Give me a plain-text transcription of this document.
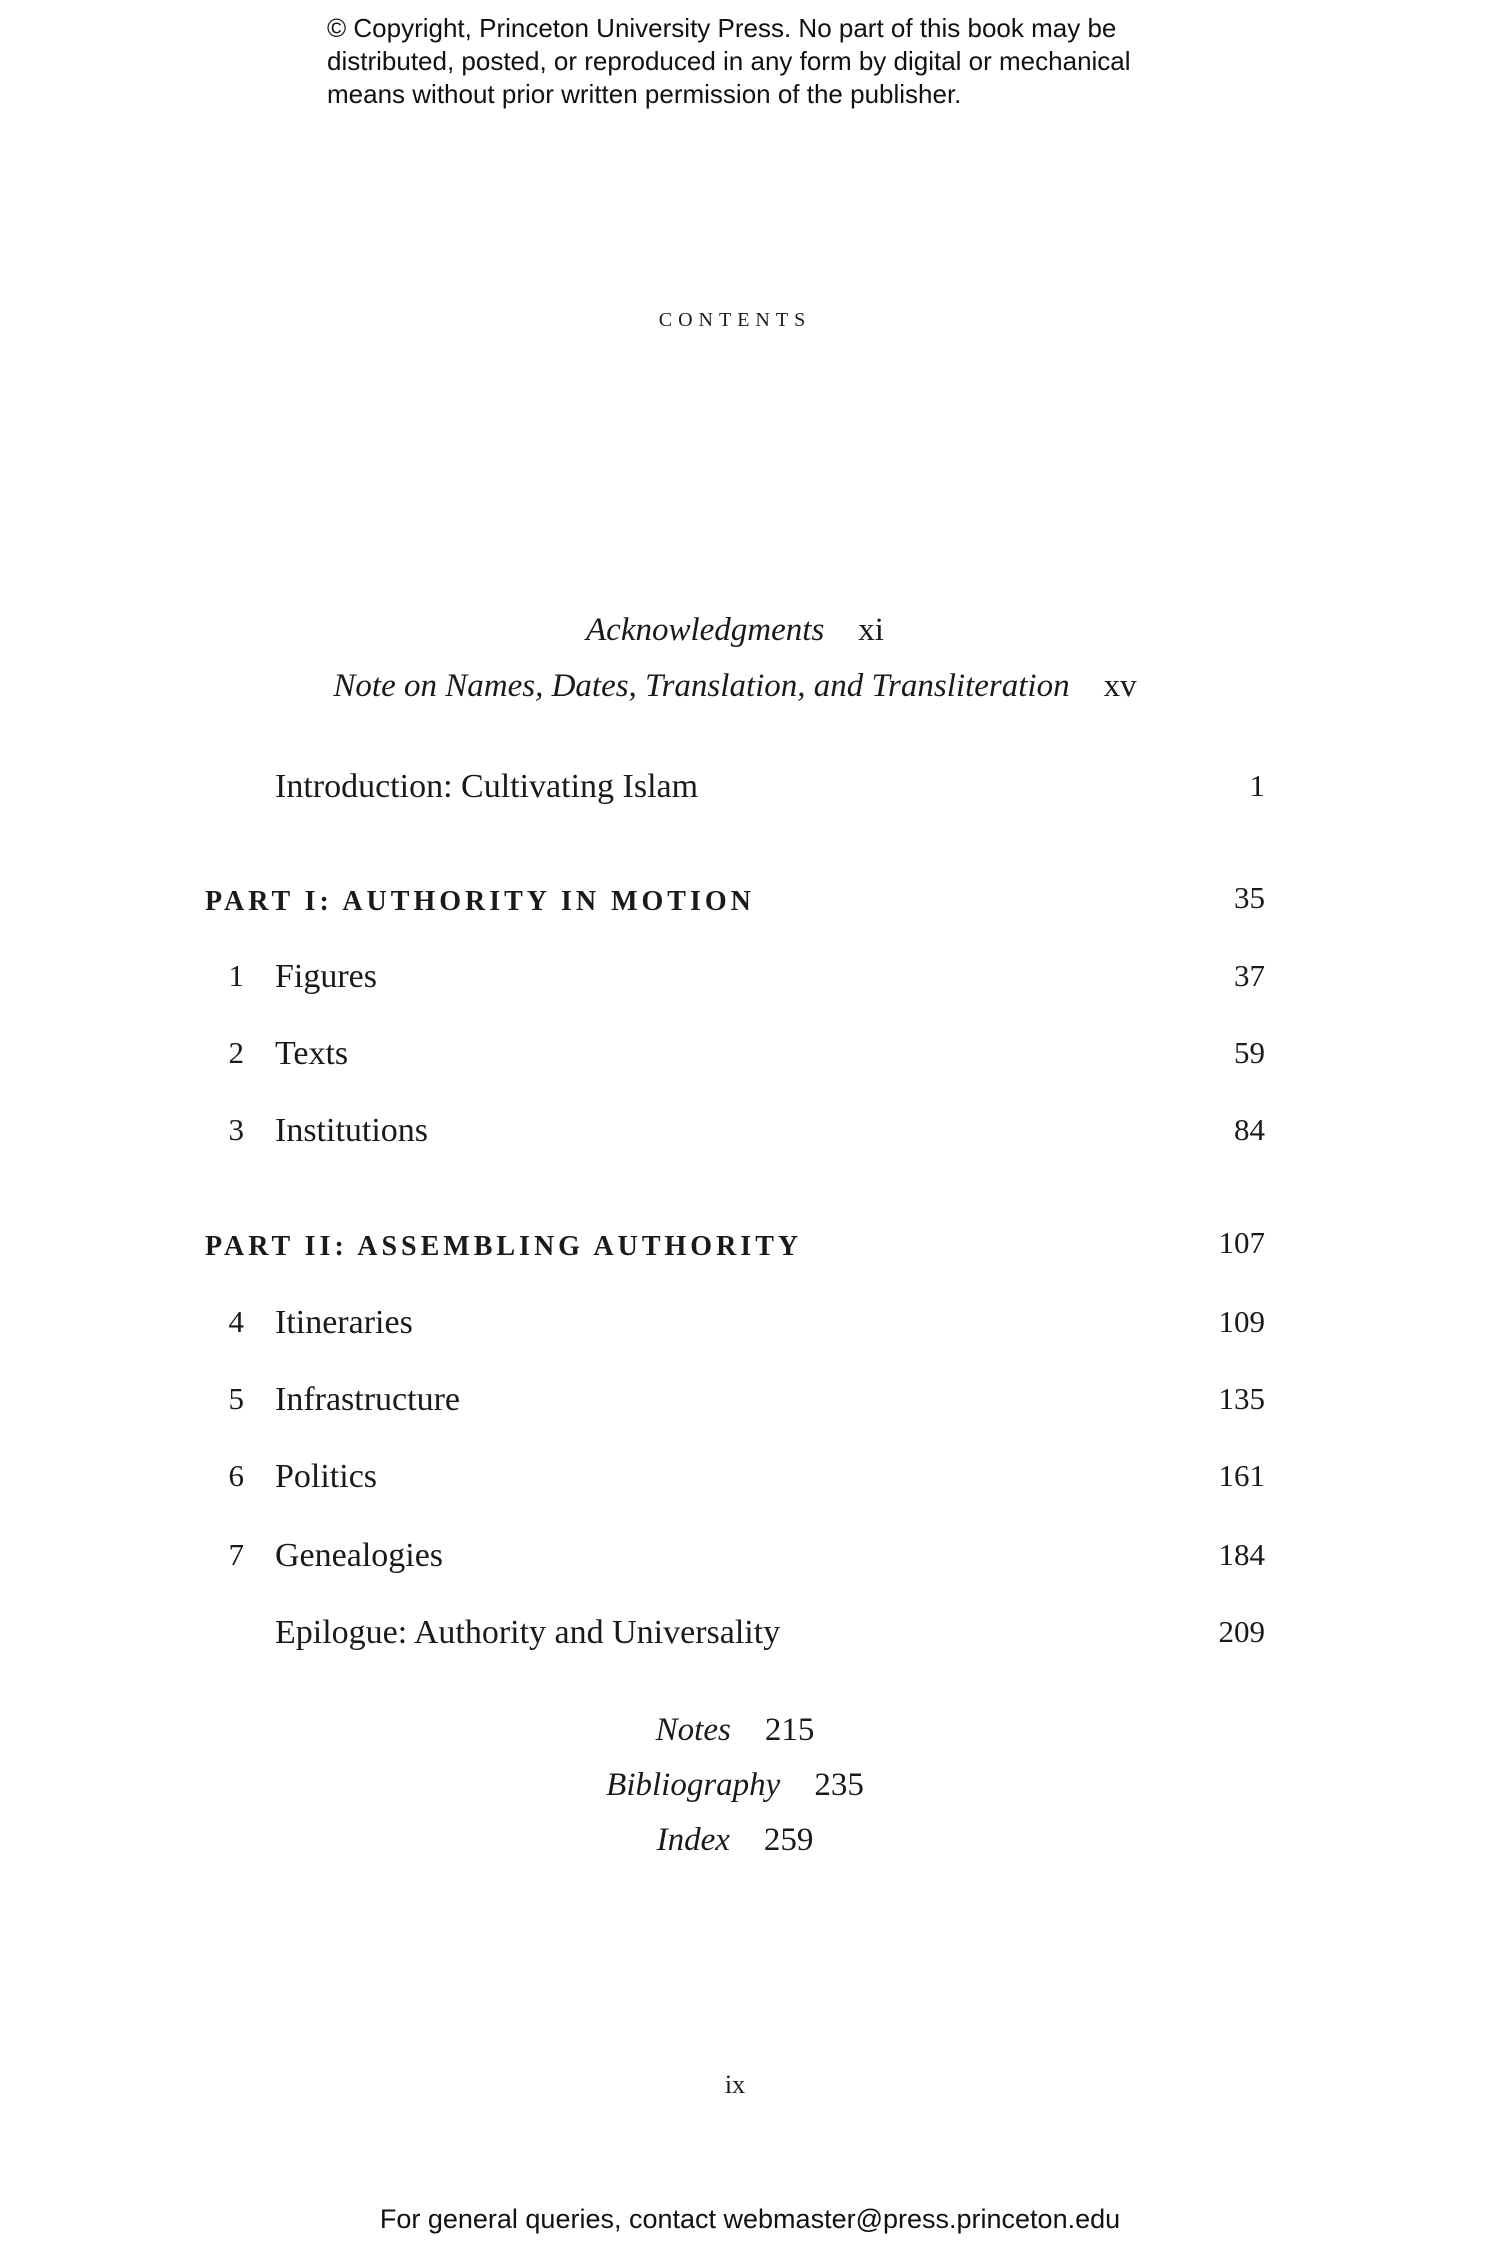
© Copyright, Princeton University Press. No part of this book may be
distributed, posted, or reproduced in any form by digital or mechanical
means without prior written permission of the publisher.
contents
Acknowledgments xi
Note on Names, Dates, Translation, and Transliteration xv
Introduction: Cultivating Islam	1
PART I: AUTHORITY IN MOTION	35
1 Figures	37
2 Texts	59
3 Institutions	84
PART II: ASSEMBLING AUTHORITY	107
4 Itineraries	109
5 Infrastructure	135
6 Politics	161
7 Genealogies	184
Epilogue: Authority and Universality	209
Notes 215
Bibliography 235
Index 259
ix
For general queries, contact webmaster@press.princeton.edu
